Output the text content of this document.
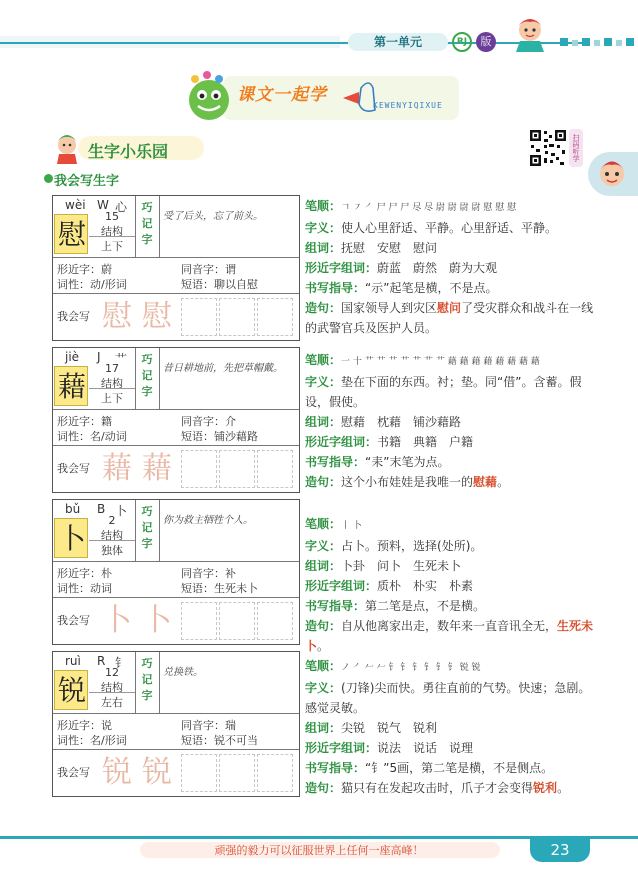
第一单元	RJ	版
课文一起学
KEWENYIQIXUE
生字小乐园	扫码听学
我会写生字
wèi W 心
慰
15
结构
上下
巧记字
受了后头，忘了前头。
形近字：蔚	同音字：谓
词性：动/形词	短语：聊以自慰
我会写 慰 慰
笔顺：𠃍 ㇇ ㇒ 尸 尸 尸 尽 尽 尉 尉 尉 尉 慰 慰 慰
字义：使人心里舒适、平静。心里舒适、平静。
组词：抚慰　安慰　慰问
形近字组词：蔚蓝　蔚然　蔚为大观
书写指导：“示”起笔是横，不是点。
造句：国家领导人到灾区慰问了受灾群众和战斗在一线的武警官兵及医护人员。
jiè J 艹
藉
17
结构
上下
巧记字
昔日耕地前，先把草帽戴。
形近字：籍	同音字：介
词性：名/动词	短语：铺沙藉路
我会写 藉 藉
笔顺：一 十 艹 艹 艹 艹 艹 艹 艹 藉 藉 藉 藉 藉 藉 藉 藉
字义：垫在下面的东西。衬；垫。同“借”。含蓄。假设，假使。
组词：慰藉　枕藉　铺沙藉路
形近字组词：书籍　典籍　户籍
书写指导：“耒”末笔为点。
造句：这个小布娃娃是我唯一的慰藉。
bǔ B 卜
卜
2
结构
独体
巧记字
你为救主牺牲个人。
形近字：朴	同音字：补
词性：动词	短语：生死未卜
我会写 卜 卜
笔顺：丨 卜
字义：占卜。预料，选择(处所)。
组词：卜卦　问卜　生死未卜
形近字组词：质朴　朴实　朴素
书写指导：第二笔是点，不是横。
造句：自从他离家出走，数年来一直音讯全无，生死未卜。
ruì R 钅
锐
12
结构
左右
巧记字
兑换铁。
形近字：说	同音字：瑞
词性：名/形词	短语：锐不可当
我会写 锐 锐
笔顺：ノ ㇒ 𠂉 𠂉 钅 钅 钅 钅 钅 钅 锐 锐
字义：(刀锋)尖而快。勇往直前的气势。快速；急剧。感觉灵敏。
组词：尖锐　锐气　锐利
形近字组词：说法　说话　说理
书写指导：“钅”5画，第二笔是横，不是侧点。
造句：猫只有在发起攻击时，爪子才会变得锐利。
顽强的毅力可以征服世界上任何一座高峰！	23
